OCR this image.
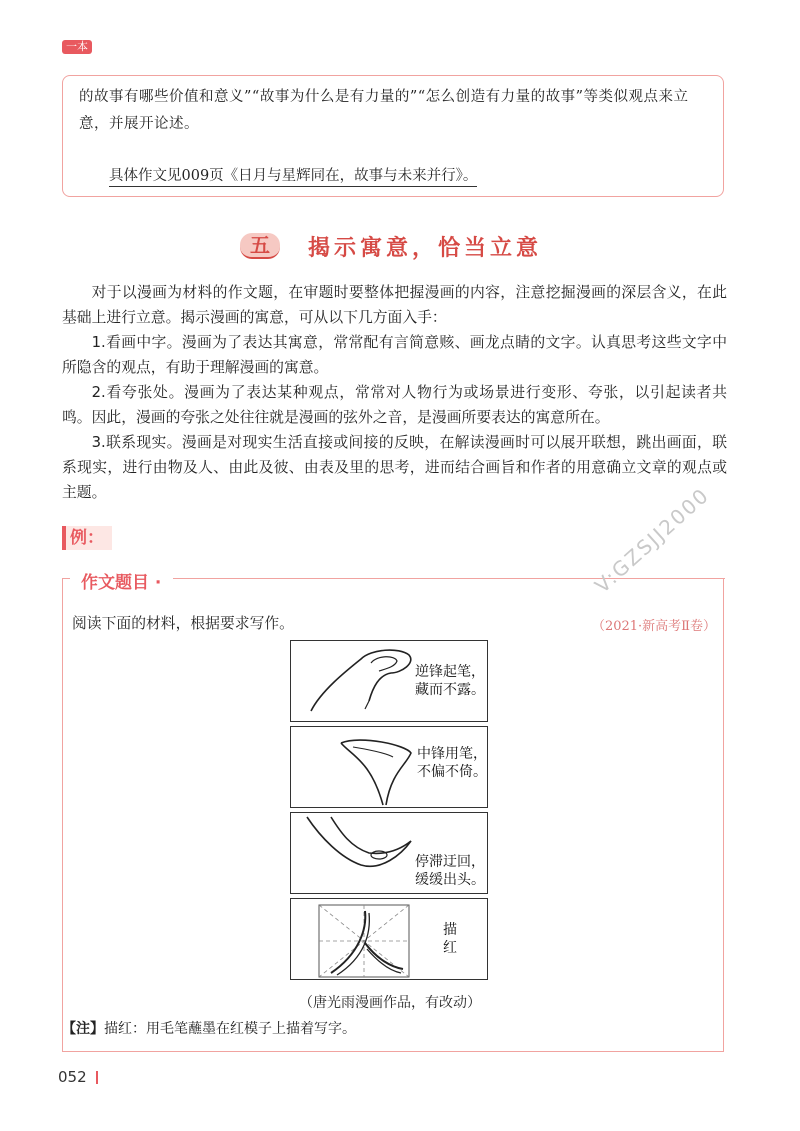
一本
的故事有哪些价值和意义”“故事为什么是有力量的”“怎么创造有力量的故事”等类似观点来立意，并展开论述。
具体作文见009页《日月与星辉同在，故事与未来并行》。
五	揭示寓意，恰当立意

对于以漫画为材料的作文题，在审题时要整体把握漫画的内容，注意挖掘漫画的深层含义，在此基础上进行立意。揭示漫画的寓意，可从以下几方面入手：

1.看画中字。漫画为了表达其寓意，常常配有言简意赅、画龙点睛的文字。认真思考这些文字中所隐含的观点，有助于理解漫画的寓意。

2.看夸张处。漫画为了表达某种观点，常常对人物行为或场景进行变形、夸张，以引起读者共鸣。因此，漫画的夸张之处往往就是漫画的弦外之音，是漫画所要表达的寓意所在。

3.联系现实。漫画是对现实生活直接或间接的反映，在解读漫画时可以展开联想，跳出画面，联系现实，进行由物及人、由此及彼、由表及里的思考，进而结合画旨和作者的用意确立文章的观点或主题。

例：
作文题目 ·
阅读下面的材料，根据要求写作。	（2021·新高考Ⅱ卷）
逆锋起笔，
藏而不露。
中锋用笔，
不偏不倚。
停滞迂回，
缓缓出头。
描
红
（唐光雨漫画作品，有改动）
【注】描红：用毛笔蘸墨在红模子上描着写字。
V:GZSJJ2000
052
